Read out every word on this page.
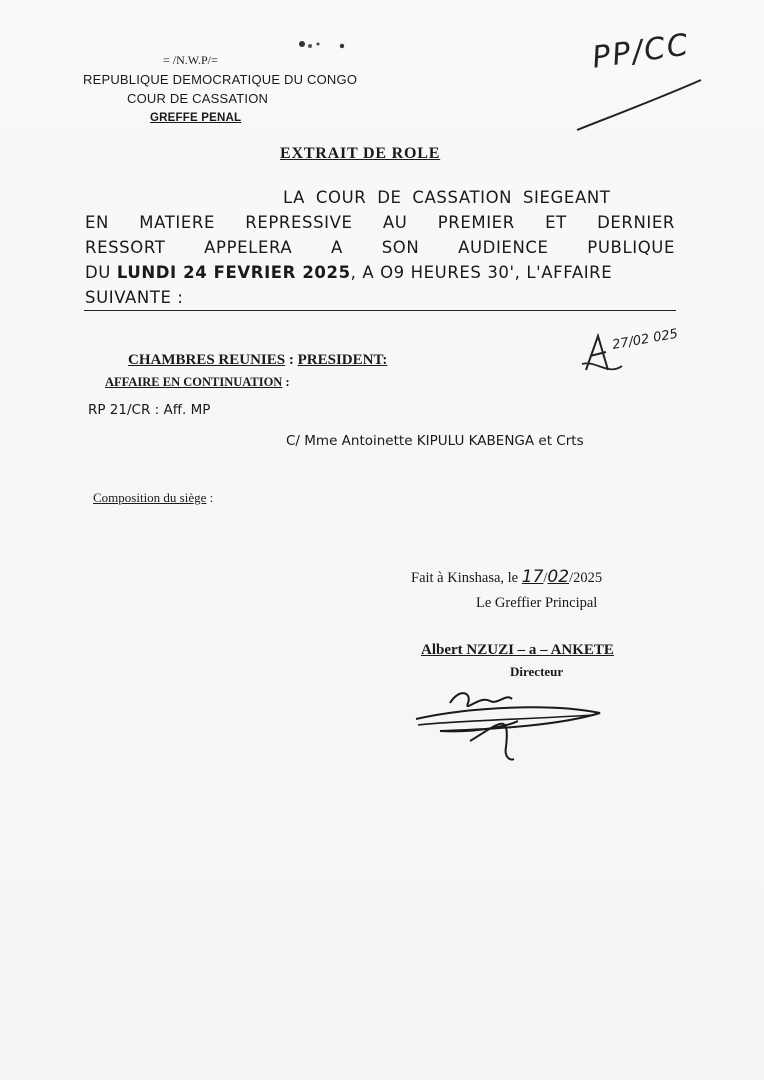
= /N.W.P/=
REPUBLIQUE DEMOCRATIQUE DU CONGO
COUR DE CASSATION
GREFFE PENAL
PP/CC
EXTRAIT DE ROLE
LA COUR DE CASSATION SIEGEANT
EN MATIERE REPRESSIVE AU PREMIER ET DERNIER
RESSORT APPELERA A SON AUDIENCE PUBLIQUE
DU LUNDI 24 FEVRIER 2025, A O9 HEURES 30', L'AFFAIRE
SUIVANTE :
27/02 025
CHAMBRES REUNIES : PRESIDENT:
AFFAIRE EN CONTINUATION :
RP 21/CR : Aff. MP
C/ Mme Antoinette KIPULU KABENGA et Crts
Composition du siège :
Fait à Kinshasa, le 17/02/2025
Le Greffier Principal
Albert NZUZI – a – ANKETE
Directeur
